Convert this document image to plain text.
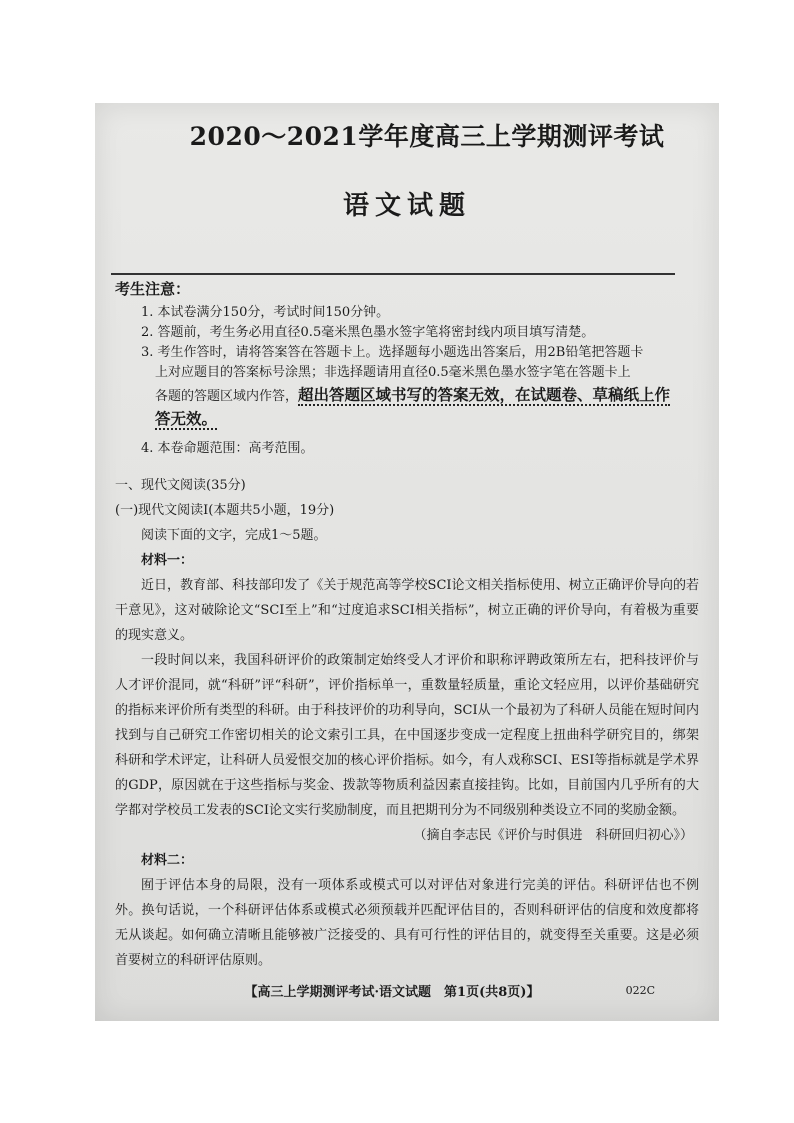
2020～2021学年度高三上学期测评考试
语文试题
考生注意：
1. 本试卷满分150分，考试时间150分钟。
2. 答题前，考生务必用直径0.5毫米黑色墨水签字笔将密封线内项目填写清楚。
3. 考生作答时，请将答案答在答题卡上。选择题每小题选出答案后，用2B铅笔把答题卡
上对应题目的答案标号涂黑；非选择题请用直径0.5毫米黑色墨水签字笔在答题卡上
各题的答题区域内作答，超出答题区域书写的答案无效，在试题卷、草稿纸上作
答无效。
4. 本卷命题范围：高考范围。

一、现代文阅读(35分)

(一)现代文阅读Ⅰ(本题共5小题，19分)

阅读下面的文字，完成1～5题。

材料一：

近日，教育部、科技部印发了《关于规范高等学校SCI论文相关指标使用、树立正确评价导向的若干意见》，这对破除论文“SCI至上”和“过度追求SCI相关指标”，树立正确的评价导向，有着极为重要的现实意义。

一段时间以来，我国科研评价的政策制定始终受人才评价和职称评聘政策所左右，把科技评价与人才评价混同，就“科研”评“科研”，评价指标单一，重数量轻质量，重论文轻应用，以评价基础研究的指标来评价所有类型的科研。由于科技评价的功利导向，SCI从一个最初为了科研人员能在短时间内找到与自己研究工作密切相关的论文索引工具，在中国逐步变成一定程度上扭曲科学研究目的，绑架科研和学术评定，让科研人员爱恨交加的核心评价指标。如今，有人戏称SCI、ESI等指标就是学术界的GDP，原因就在于这些指标与奖金、拨款等物质利益因素直接挂钩。比如，目前国内几乎所有的大学都对学校员工发表的SCI论文实行奖励制度，而且把期刊分为不同级别种类设立不同的奖励金额。

（摘自李志民《评价与时俱进　科研回归初心》）

材料二：

囿于评估本身的局限，没有一项体系或模式可以对评估对象进行完美的评估。科研评估也不例外。换句话说，一个科研评估体系或模式必须预载并匹配评估目的，否则科研评估的信度和效度都将无从谈起。如何确立清晰且能够被广泛接受的、具有可行性的评估目的，就变得至关重要。这是必须首要树立的科研评估原则。

【高三上学期测评考试·语文试题　第1页(共8页)】	022C
